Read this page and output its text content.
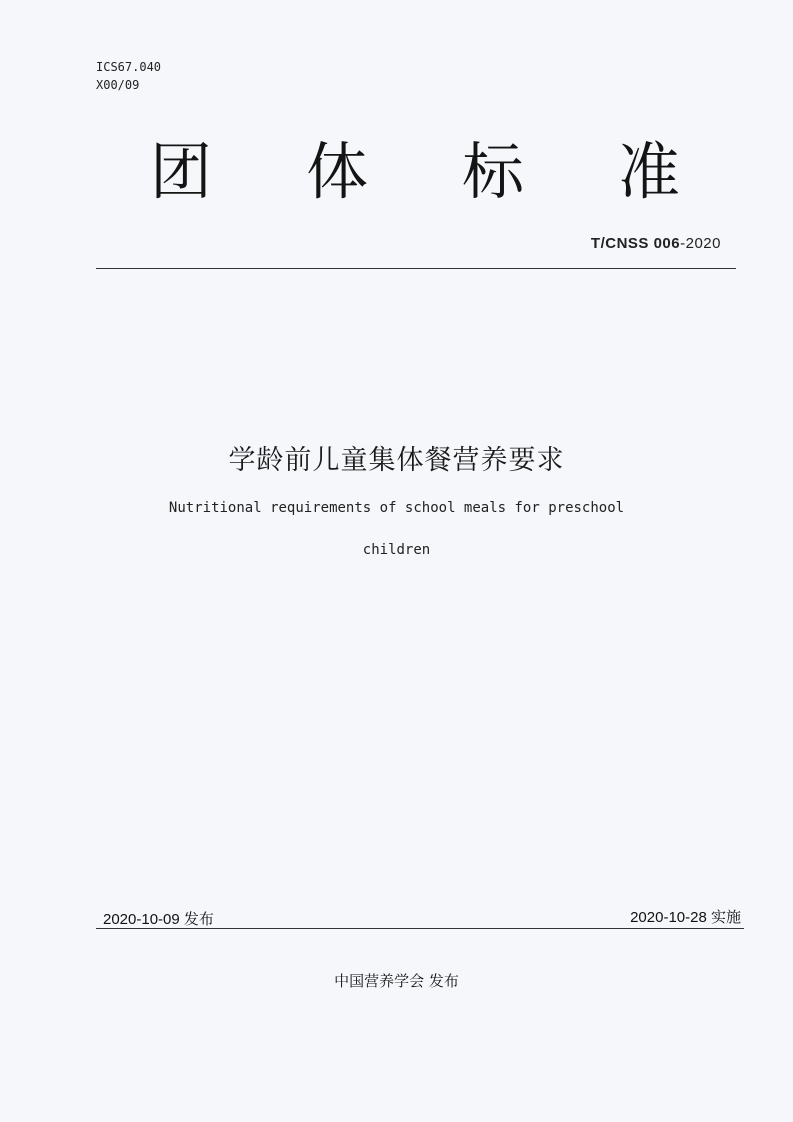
ICS67.040
X00/09
团 体 标 准
T/CNSS 006-2020
学龄前儿童集体餐营养要求
Nutritional requirements of school meals for preschool
children
2020-10-09 发布	2020-10-28 实施
中国营养学会 发布
